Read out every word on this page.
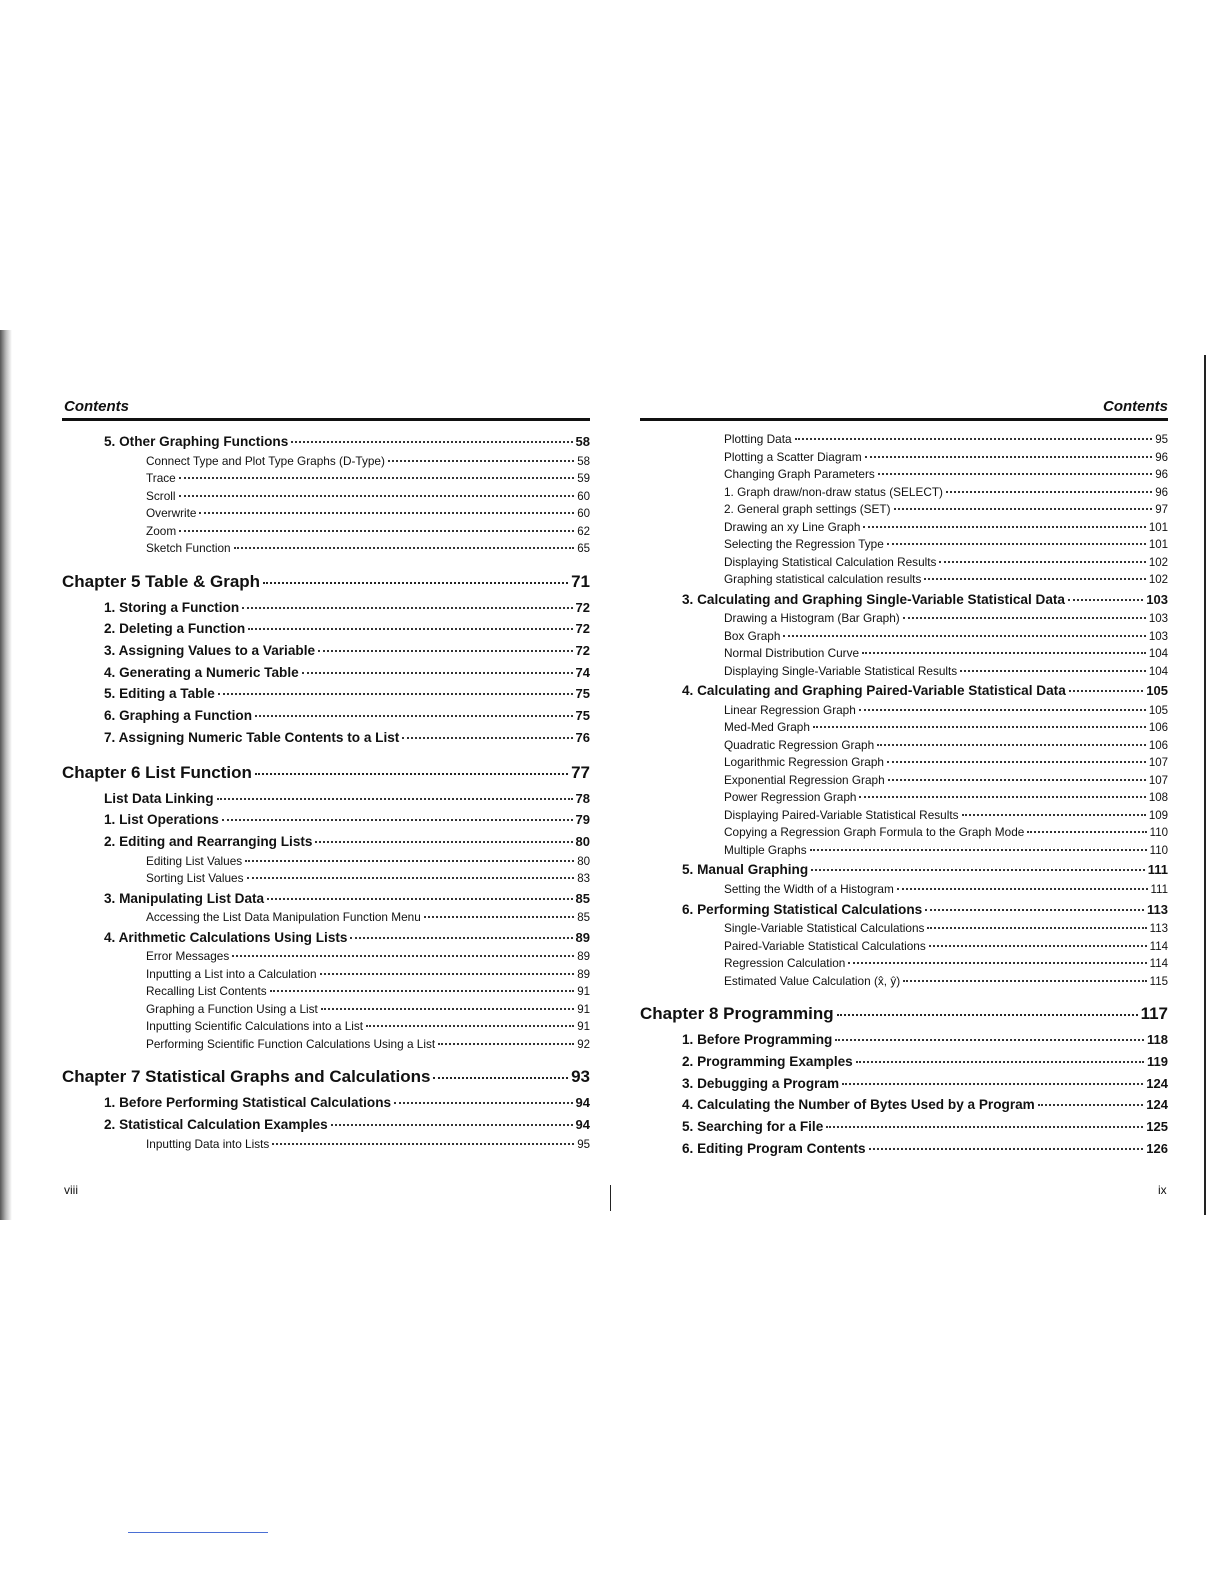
Contents
5. Other Graphing Functions	58
Connect Type and Plot Type Graphs (D-Type)	58
Trace	59
Scroll	60
Overwrite	60
Zoom	62
Sketch Function	65
Chapter 5 Table & Graph	71
1. Storing a Function	72
2. Deleting a Function	72
3. Assigning Values to a Variable	72
4. Generating a Numeric Table	74
5. Editing a Table	75
6. Graphing a Function	75
7. Assigning Numeric Table Contents to a List	76
Chapter 6 List Function	77
List Data Linking	78
1. List Operations	79
2. Editing and Rearranging Lists	80
Editing List Values	80
Sorting List Values	83
3. Manipulating List Data	85
Accessing the List Data Manipulation Function Menu	85
4. Arithmetic Calculations Using Lists	89
Error Messages	89
Inputting a List into a Calculation	89
Recalling List Contents	91
Graphing a Function Using a List	91
Inputting Scientific Calculations into a List	91
Performing Scientific Function Calculations Using a List	92
Chapter 7 Statistical Graphs and Calculations	93
1. Before Performing Statistical Calculations	94
2. Statistical Calculation Examples	94
Inputting Data into Lists	95
Contents
Plotting Data	95
Plotting a Scatter Diagram	96
Changing Graph Parameters	96
1. Graph draw/non-draw status (SELECT)	96
2. General graph settings (SET)	97
Drawing an xy Line Graph	101
Selecting the Regression Type	101
Displaying Statistical Calculation Results	102
Graphing statistical calculation results	102
3. Calculating and Graphing Single-Variable Statistical Data	103
Drawing a Histogram (Bar Graph)	103
Box Graph	103
Normal Distribution Curve	104
Displaying Single-Variable Statistical Results	104
4. Calculating and Graphing Paired-Variable Statistical Data	105
Linear Regression Graph	105
Med-Med Graph	106
Quadratic Regression Graph	106
Logarithmic Regression Graph	107
Exponential Regression Graph	107
Power Regression Graph	108
Displaying Paired-Variable Statistical Results	109
Copying a Regression Graph Formula to the Graph Mode	110
Multiple Graphs	110
5. Manual Graphing	111
Setting the Width of a Histogram	111
6. Performing Statistical Calculations	113
Single-Variable Statistical Calculations	113
Paired-Variable Statistical Calculations	114
Regression Calculation	114
Estimated Value Calculation (x̂, ŷ)	115
Chapter 8 Programming	117
1. Before Programming	118
2. Programming Examples	119
3. Debugging a Program	124
4. Calculating the Number of Bytes Used by a Program	124
5. Searching for a File	125
6. Editing Program Contents	126
viii	ix
